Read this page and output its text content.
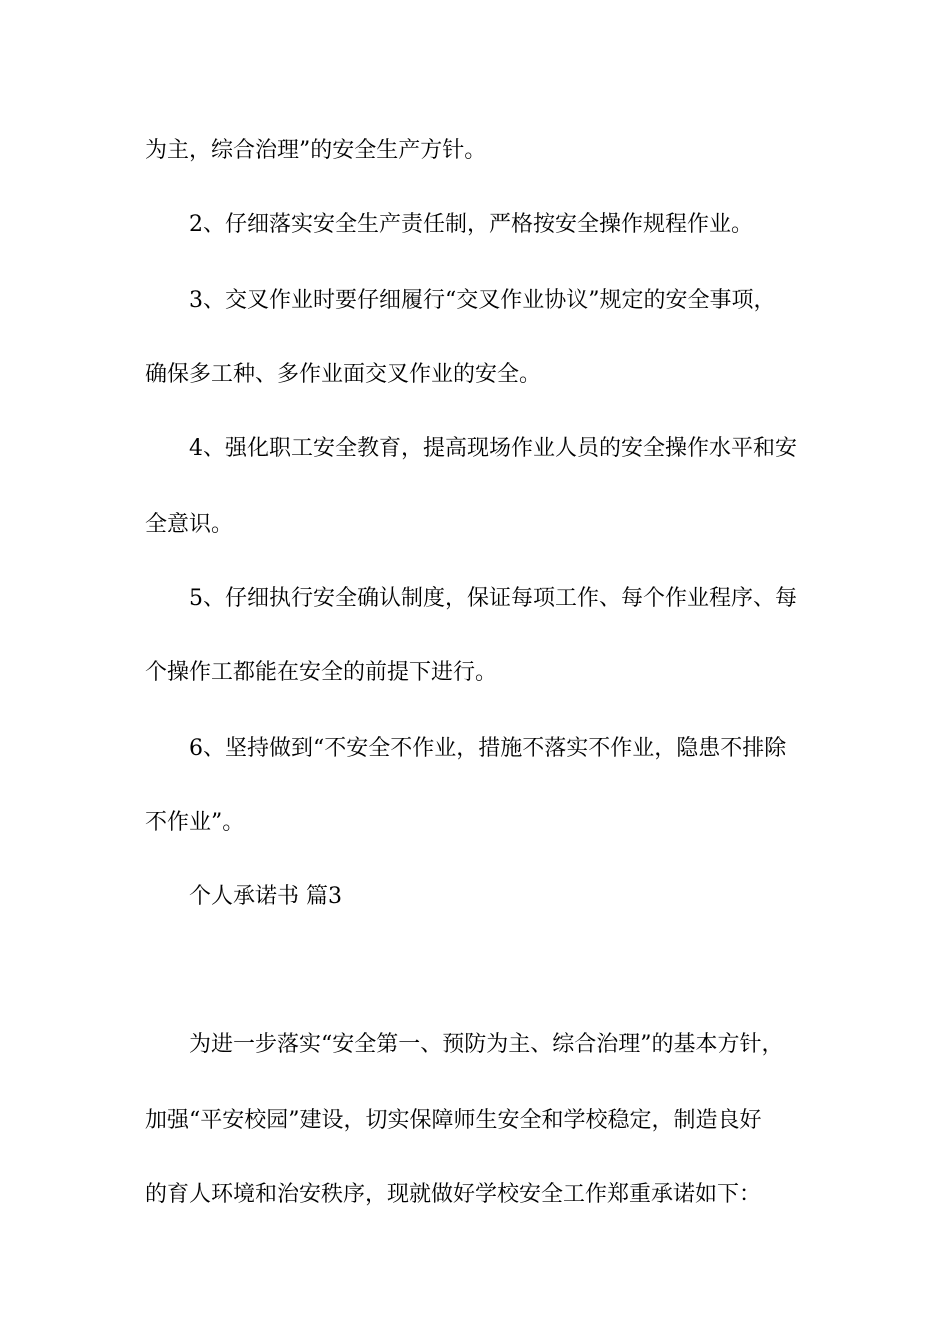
为主，综合治理”的安全生产方针。
2、仔细落实安全生产责任制，严格按安全操作规程作业。
3、交叉作业时要仔细履行“交叉作业协议”规定的安全事项，
确保多工种、多作业面交叉作业的安全。
4、强化职工安全教育，提高现场作业人员的安全操作水平和安
全意识。
5、仔细执行安全确认制度，保证每项工作、每个作业程序、每
个操作工都能在安全的前提下进行。
6、坚持做到“不安全不作业，措施不落实不作业，隐患不排除
不作业”。
个人承诺书 篇3
为进一步落实“安全第一、预防为主、综合治理”的基本方针，
加强“平安校园”建设，切实保障师生安全和学校稳定，制造良好
的育人环境和治安秩序，现就做好学校安全工作郑重承诺如下：
